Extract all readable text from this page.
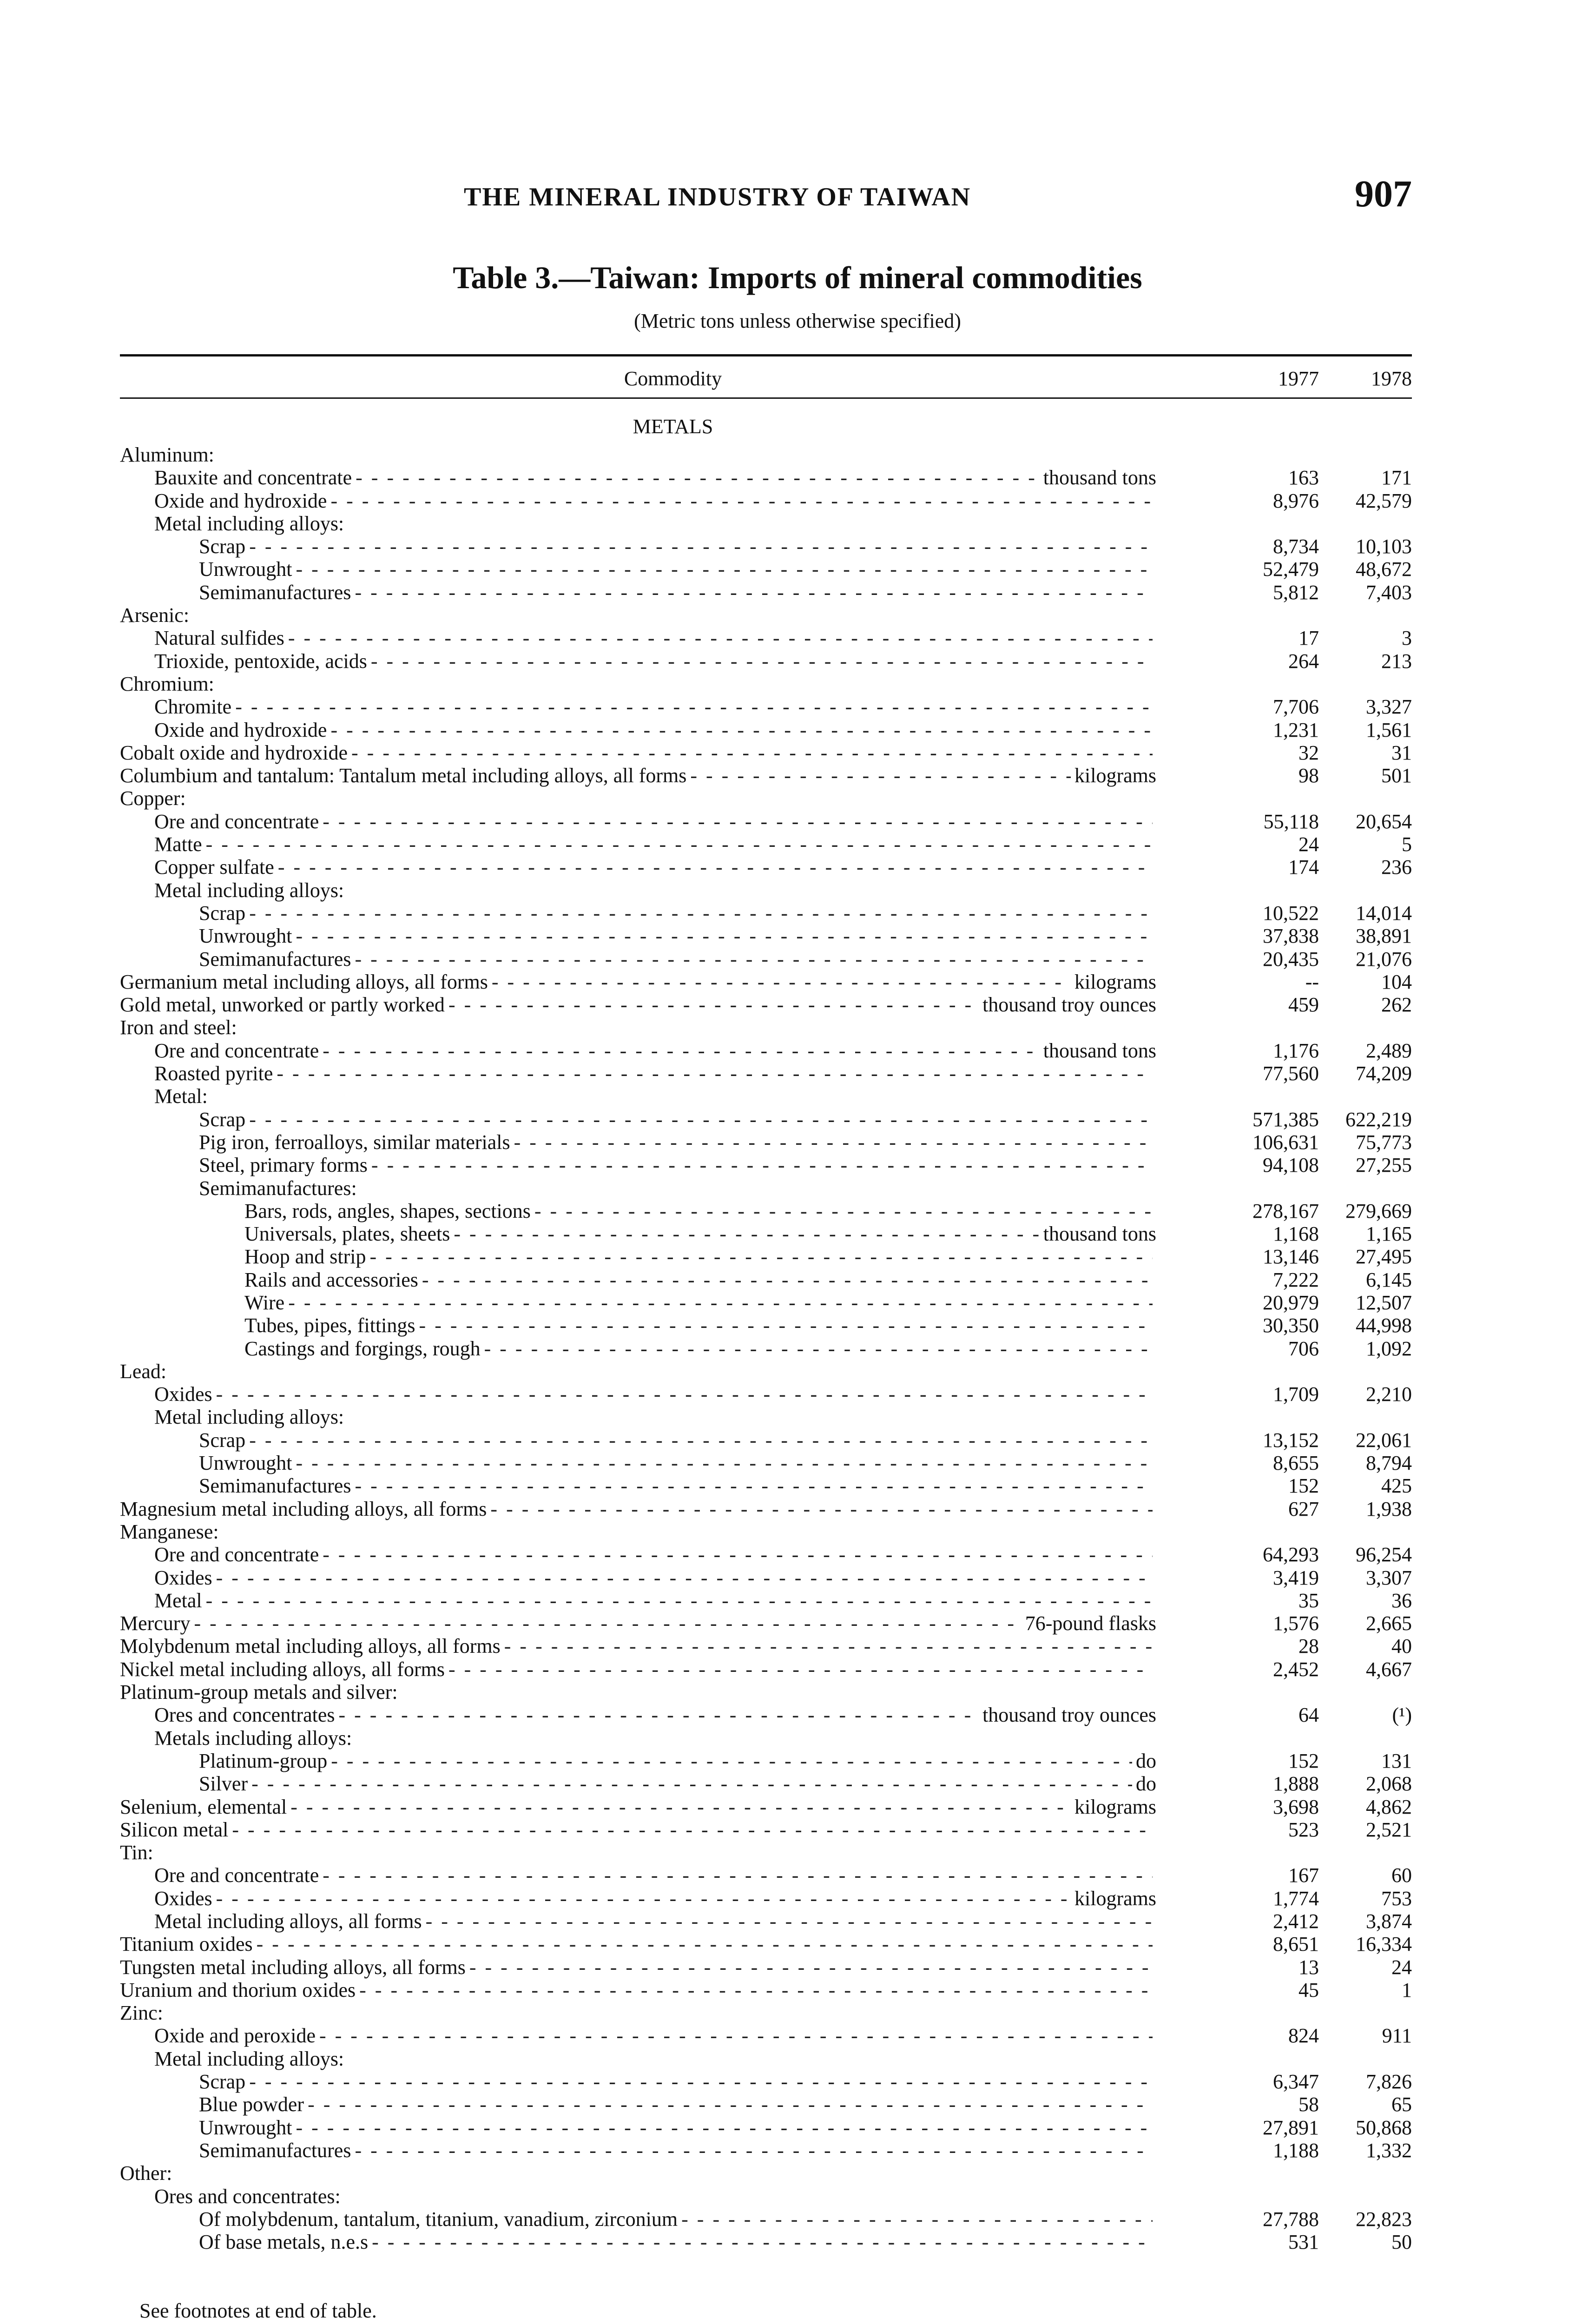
THE MINERAL INDUSTRY OF TAIWAN	907
Table 3.—Taiwan: Imports of mineral commodities
(Metric tons unless otherwise specified)
Commodity	1977	1978
METALS
Aluminum:
Bauxite and concentrate - - -	thousand tons	163	171
Oxide and hydroxide - - -	8,976	42,579
Metal including alloys:
Scrap - - -	8,734	10,103
Unwrought - - -	52,479	48,672
Semimanufactures - - -	5,812	7,403
Arsenic:
Natural sulfides - - -	17	3
Trioxide, pentoxide, acids - - -	264	213
Chromium:
Chromite - - -	7,706	3,327
Oxide and hydroxide - - -	1,231	1,561
Cobalt oxide and hydroxide - - -	32	31
Columbium and tantalum: Tantalum metal including alloys, all forms - - -	kilograms	98	501
Copper:
Ore and concentrate - - -	55,118	20,654
Matte - - -	24	5
Copper sulfate - - -	174	236
Metal including alloys:
Scrap - - -	10,522	14,014
Unwrought - - -	37,838	38,891
Semimanufactures - - -	20,435	21,076
Germanium metal including alloys, all forms - - -	kilograms	--	104
Gold metal, unworked or partly worked - - -	thousand troy ounces	459	262
Iron and steel:
Ore and concentrate - - -	thousand tons	1,176	2,489
Roasted pyrite - - -	77,560	74,209
Metal:
Scrap - - -	571,385	622,219
Pig iron, ferroalloys, similar materials - - -	106,631	75,773
Steel, primary forms - - -	94,108	27,255
Semimanufactures:
Bars, rods, angles, shapes, sections - - -	278,167	279,669
Universals, plates, sheets - - -	thousand tons	1,168	1,165
Hoop and strip - - -	13,146	27,495
Rails and accessories - - -	7,222	6,145
Wire - - -	20,979	12,507
Tubes, pipes, fittings - - -	30,350	44,998
Castings and forgings, rough - - -	706	1,092
Lead:
Oxides - - -	1,709	2,210
Metal including alloys:
Scrap - - -	13,152	22,061
Unwrought - - -	8,655	8,794
Semimanufactures - - -	152	425
Magnesium metal including alloys, all forms - - -	627	1,938
Manganese:
Ore and concentrate - - -	64,293	96,254
Oxides - - -	3,419	3,307
Metal - - -	35	36
Mercury - - -	76-pound flasks	1,576	2,665
Molybdenum metal including alloys, all forms - - -	28	40
Nickel metal including alloys, all forms - - -	2,452	4,667
Platinum-group metals and silver:
Ores and concentrates - - -	thousand troy ounces	64	(¹)
Metals including alloys:
Platinum-group - - -	do	152	131
Silver - - -	do	1,888	2,068
Selenium, elemental - - -	kilograms	3,698	4,862
Silicon metal - - -	523	2,521
Tin:
Ore and concentrate - - -	167	60
Oxides - - -	kilograms	1,774	753
Metal including alloys, all forms - - -	2,412	3,874
Titanium oxides - - -	8,651	16,334
Tungsten metal including alloys, all forms - - -	13	24
Uranium and thorium oxides - - -	45	1
Zinc:
Oxide and peroxide - - -	824	911
Metal including alloys:
Scrap - - -	6,347	7,826
Blue powder - - -	58	65
Unwrought - - -	27,891	50,868
Semimanufactures - - -	1,188	1,332
Other:
Ores and concentrates:
Of molybdenum, tantalum, titanium, vanadium, zirconium - - -	27,788	22,823
Of base metals, n.e.s - - -	531	50
See footnotes at end of table.
